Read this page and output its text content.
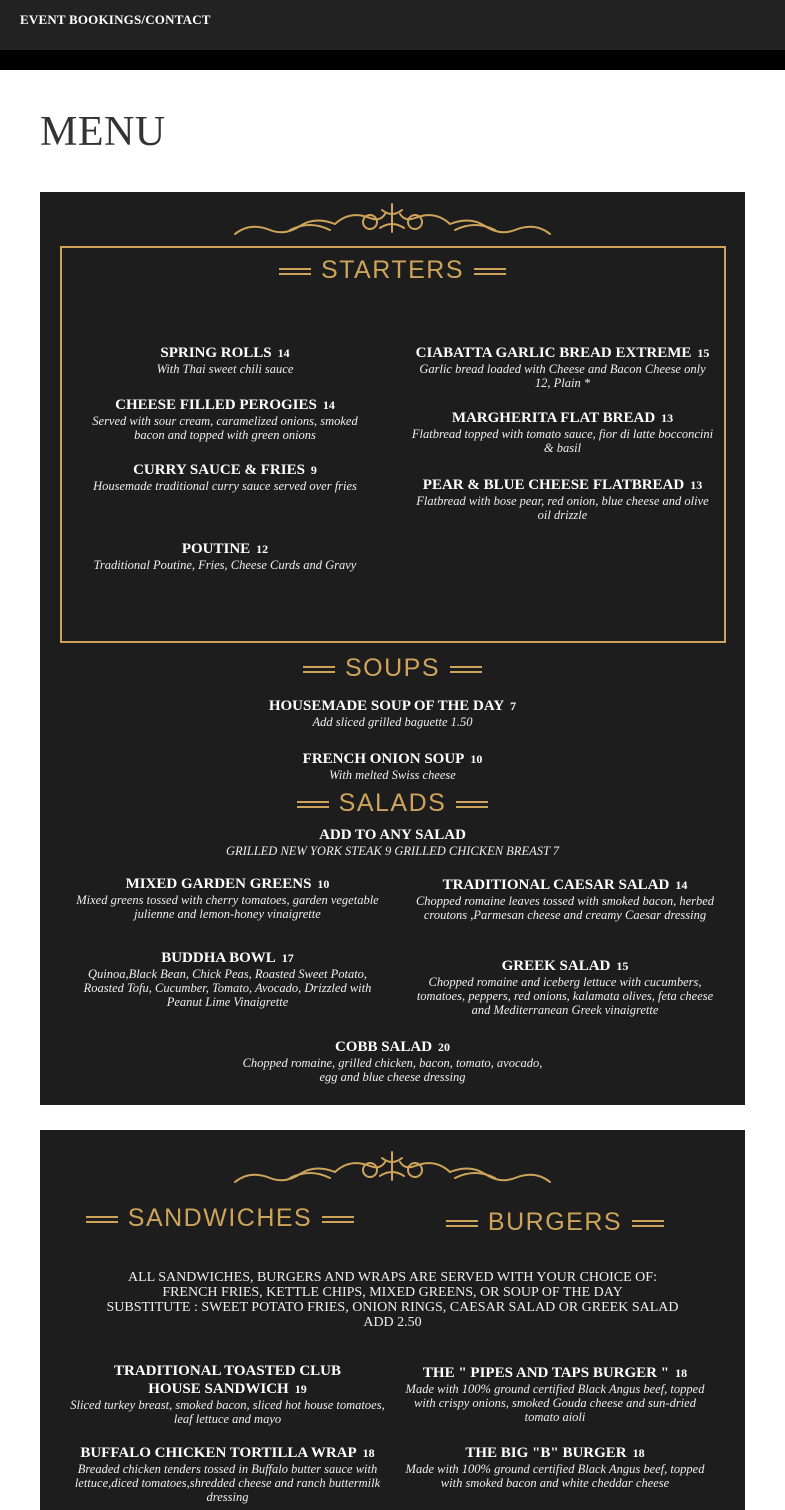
EVENT BOOKINGS/CONTACT
MENU
STARTERS
SPRING ROLLS 14
With Thai sweet chili sauce
CIABATTA GARLIC BREAD EXTREME 15
Garlic bread loaded with Cheese and Bacon Cheese only 12, Plain *
CHEESE FILLED PEROGIES 14
Served with sour cream, caramelized onions, smoked bacon and topped with green onions
MARGHERITA FLAT BREAD 13
Flatbread topped with tomato sauce, fior di latte bocconcini & basil
CURRY SAUCE & FRIES 9
Housemade traditional curry sauce served over fries	PEAR & BLUE CHEESE FLATBREAD 13
Flatbread with bose pear, red onion, blue cheese and olive oil drizzle
POUTINE 12
Traditional Poutine, Fries, Cheese Curds and Gravy
SOUPS
HOUSEMADE SOUP OF THE DAY 7
Add sliced grilled baguette 1.50
FRENCH ONION SOUP 10
With melted Swiss cheese
SALADS
ADD TO ANY SALAD
GRILLED NEW YORK STEAK 9 GRILLED CHICKEN BREAST 7
MIXED GARDEN GREENS 10
Mixed greens tossed with cherry tomatoes, garden vegetable julienne and lemon-honey vinaigrette
TRADITIONAL CAESAR SALAD 14
Chopped romaine leaves tossed with smoked bacon, herbed croutons ,Parmesan cheese and creamy Caesar dressing
BUDDHA BOWL 17
Quinoa,Black Bean, Chick Peas, Roasted Sweet Potato, Roasted Tofu, Cucumber, Tomato, Avocado, Drizzled with Peanut Lime Vinaigrette
GREEK SALAD 15
Chopped romaine and iceberg lettuce with cucumbers, tomatoes, peppers, red onions, kalamata olives, feta cheese and Mediterranean Greek vinaigrette
COBB SALAD 20
Chopped romaine, grilled chicken, bacon, tomato, avocado, egg and blue cheese dressing
SANDWICHES	BURGERS
ALL SANDWICHES, BURGERS AND WRAPS ARE SERVED WITH YOUR CHOICE OF:
FRENCH FRIES, KETTLE CHIPS, MIXED GREENS, OR SOUP OF THE DAY
SUBSTITUTE : SWEET POTATO FRIES, ONION RINGS, CAESAR SALAD OR GREEK SALAD
ADD 2.50
TRADITIONAL TOASTED CLUB HOUSE SANDWICH 19
Sliced turkey breast, smoked bacon, sliced hot house tomatoes, leaf lettuce and mayo
THE " PIPES AND TAPS BURGER " 18
Made with 100% ground certified Black Angus beef, topped with crispy onions, smoked Gouda cheese and sun-dried tomato aioli
BUFFALO CHICKEN TORTILLA WRAP 18
Breaded chicken tenders tossed in Buffalo butter sauce with lettuce,diced tomatoes,shredded cheese and ranch buttermilk dressing
THE BIG "B" BURGER 18
Made with 100% ground certified Black Angus beef, topped with smoked bacon and white cheddar cheese
